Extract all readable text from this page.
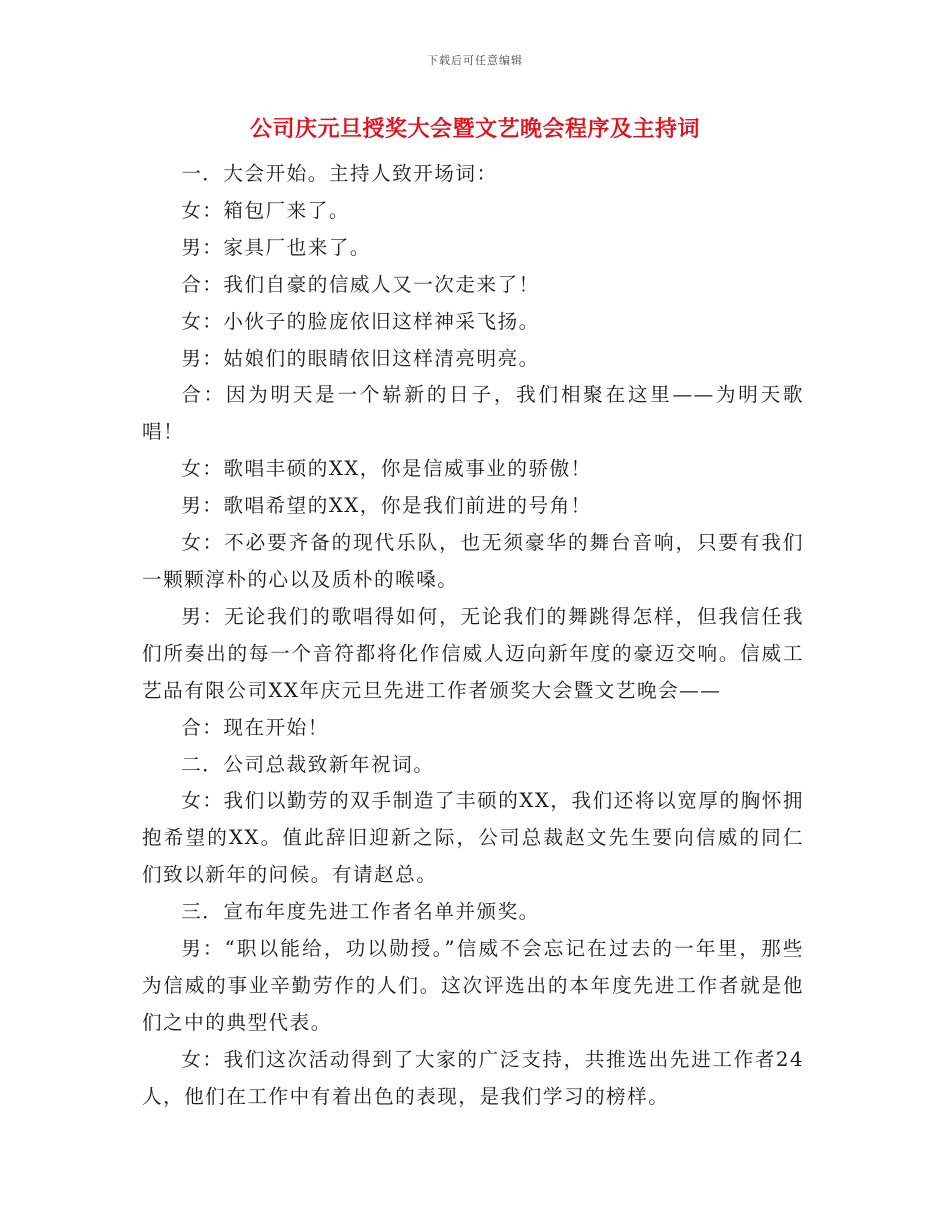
下载后可任意编辑
公司庆元旦授奖大会暨文艺晚会程序及主持词

一．大会开始。主持人致开场词：

女：箱包厂来了。

男：家具厂也来了。

合：我们自豪的信威人又一次走来了！

女：小伙子的脸庞依旧这样神采飞扬。

男：姑娘们的眼睛依旧这样清亮明亮。

合：因为明天是一个崭新的日子，我们相聚在这里——为明天歌唱！

女：歌唱丰硕的XX，你是信威事业的骄傲！

男：歌唱希望的XX，你是我们前进的号角！

女：不必要齐备的现代乐队，也无须豪华的舞台音响，只要有我们一颗颗淳朴的心以及质朴的喉嗓。

男：无论我们的歌唱得如何，无论我们的舞跳得怎样，但我信任我们所奏出的每一个音符都将化作信威人迈向新年度的豪迈交响。信威工艺品有限公司XX年庆元旦先进工作者颁奖大会暨文艺晚会——

合：现在开始！

二．公司总裁致新年祝词。

女：我们以勤劳的双手制造了丰硕的XX，我们还将以宽厚的胸怀拥抱希望的XX。值此辞旧迎新之际，公司总裁赵文先生要向信威的同仁们致以新年的问候。有请赵总。

三．宣布年度先进工作者名单并颁奖。

男：“职以能给，功以勋授。”信威不会忘记在过去的一年里，那些为信威的事业辛勤劳作的人们。这次评选出的本年度先进工作者就是他们之中的典型代表。

女：我们这次活动得到了大家的广泛支持，共推选出先进工作者24人，他们在工作中有着出色的表现，是我们学习的榜样。
